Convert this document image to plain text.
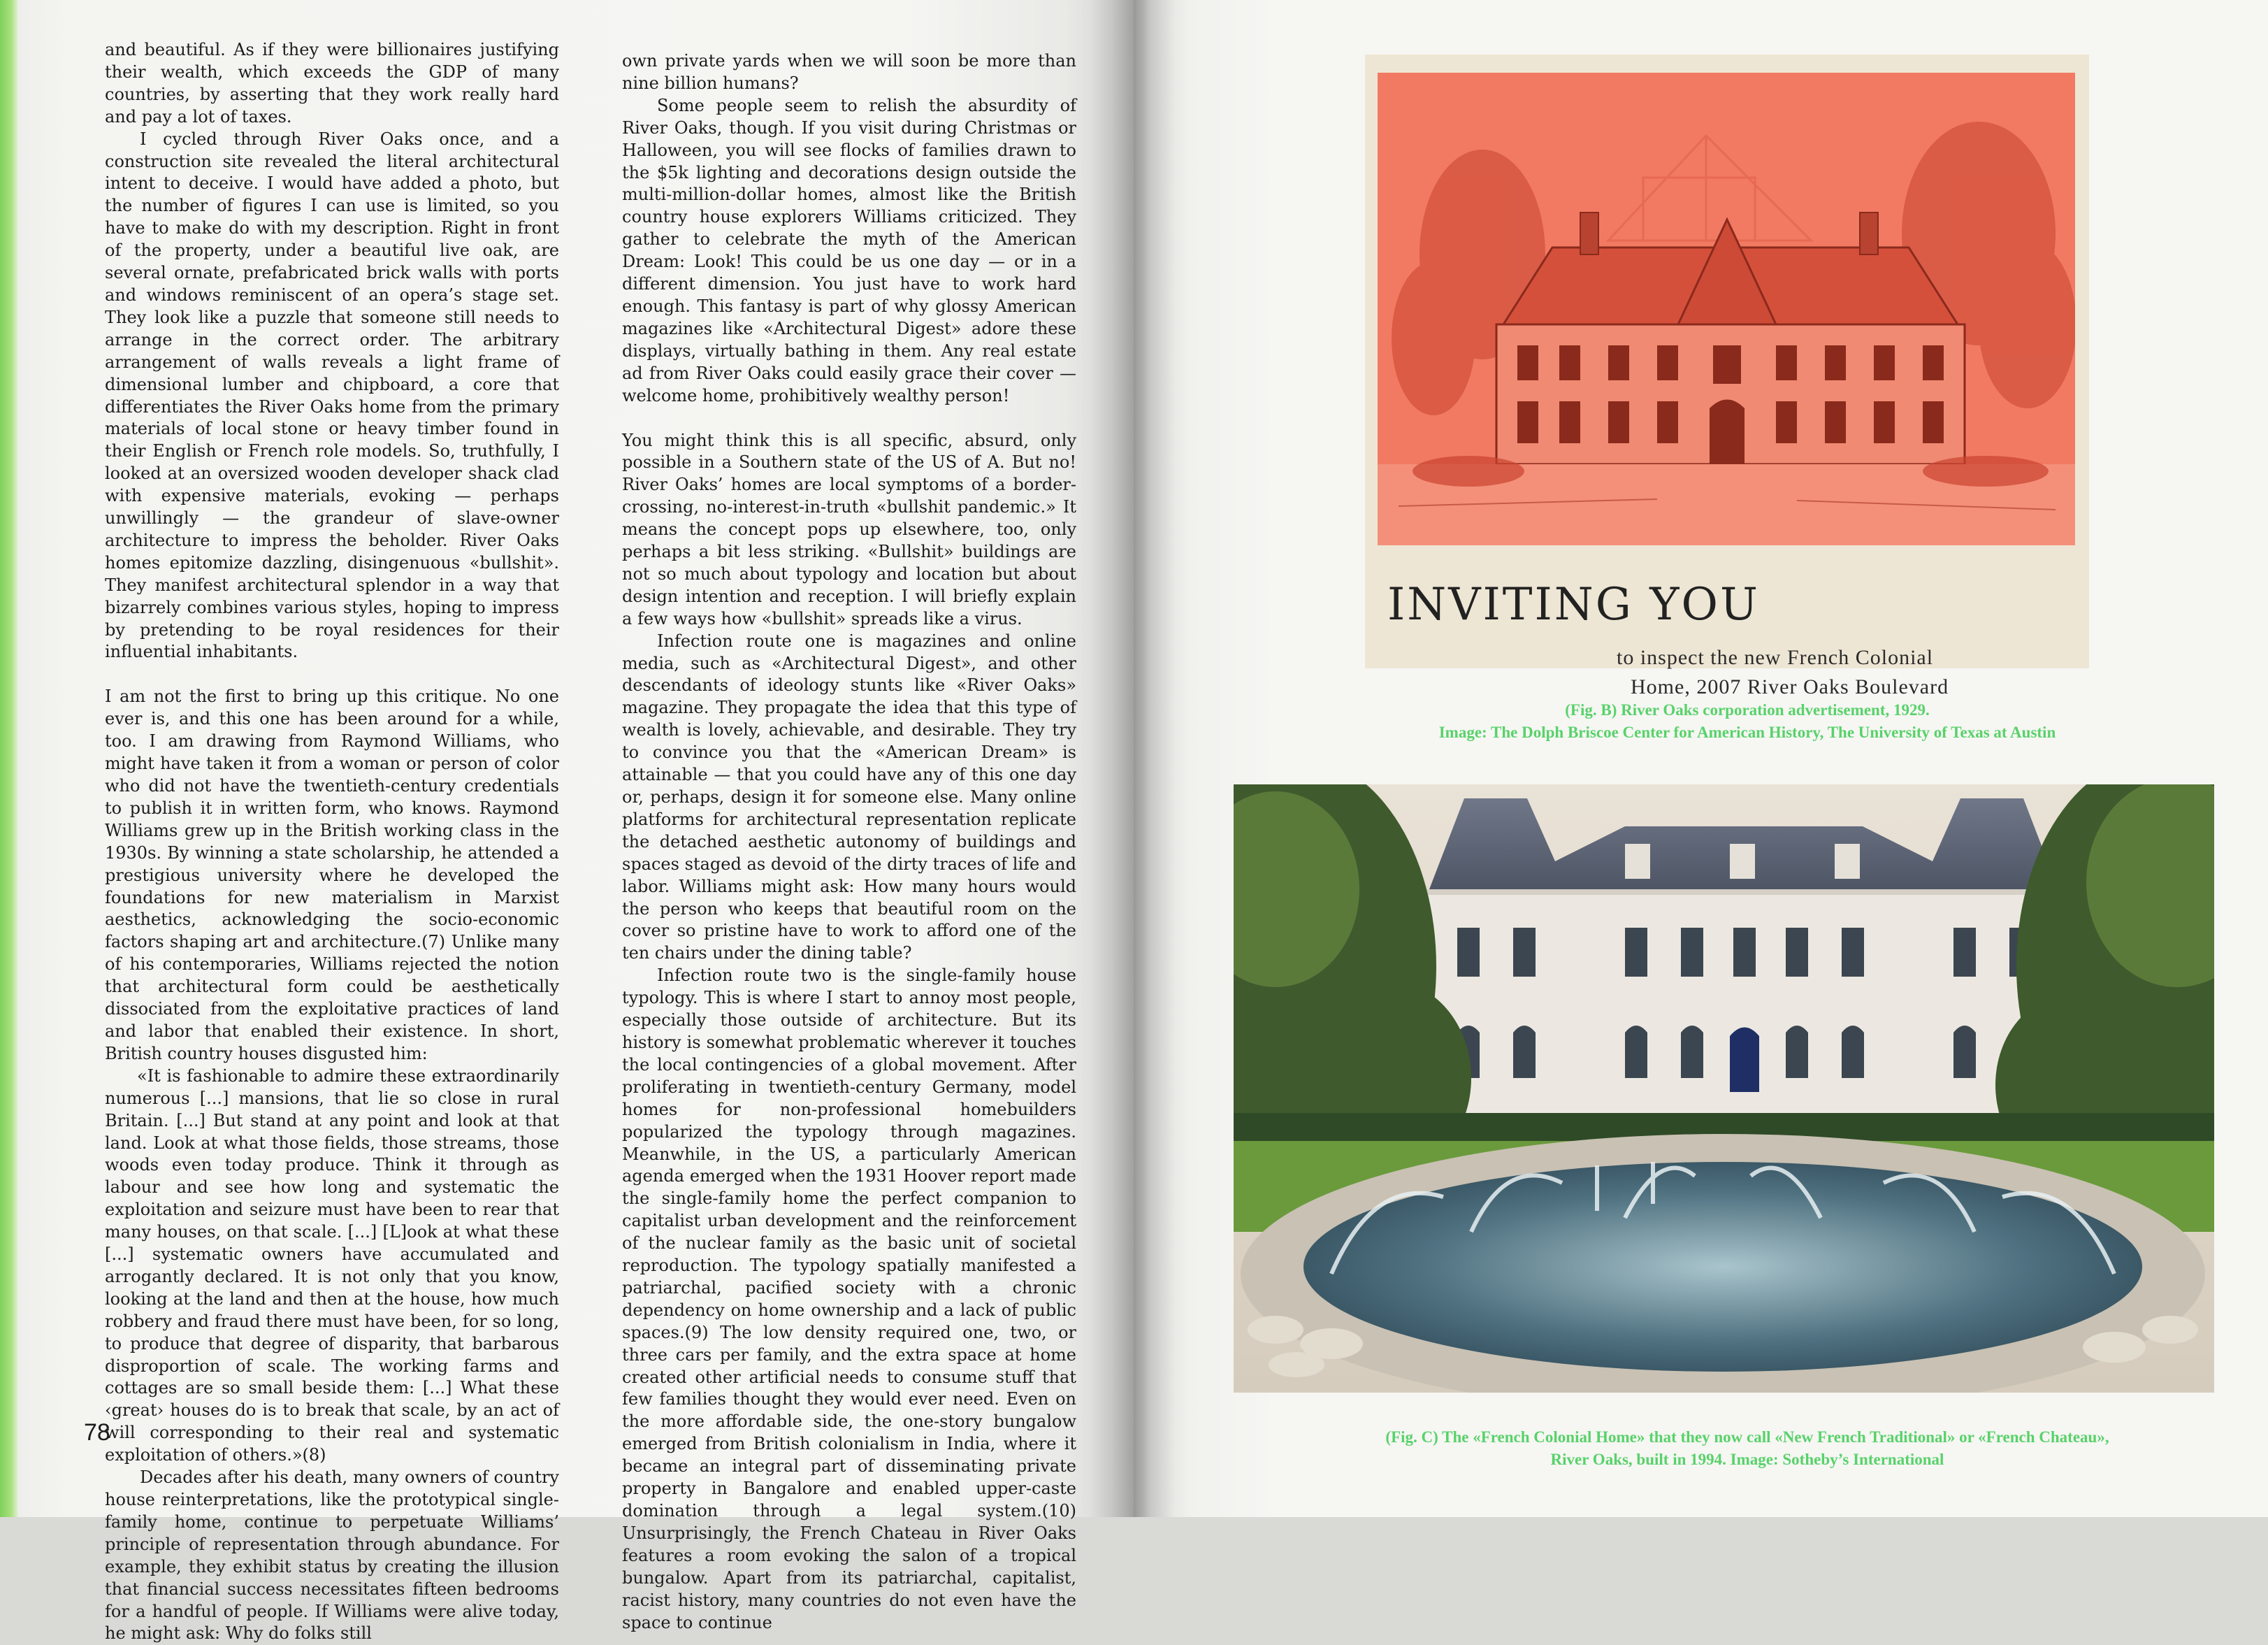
and beautiful. As if they were billionaires justifying their wealth, which exceeds the GDP of many countries, by asserting that they work really hard and pay a lot of taxes.

I cycled through River Oaks once, and a construction site revealed the literal architectural intent to deceive. I would have added a photo, but the number of figures I can use is limited, so you have to make do with my description. Right in front of the property, under a beautiful live oak, are several ornate, prefabricated brick walls with ports and windows reminiscent of an opera’s stage set. They look like a puzzle that someone still needs to arrange in the correct order. The arbitrary arrangement of walls reveals a light frame of dimensional lumber and chipboard, a core that differentiates the River Oaks home from the primary materials of local stone or heavy timber found in their English or French role models. So, truthfully, I looked at an oversized wooden developer shack clad with expensive materials, evoking — perhaps unwillingly — the grandeur of slave-owner architecture to impress the beholder. River Oaks homes epitomize dazzling, disingenuous «bullshit». They manifest architectural splendor in a way that bizarrely combines various styles, hoping to impress by pretending to be royal residences for their influential inhabitants.

I am not the first to bring up this critique. No one ever is, and this one has been around for a while, too. I am drawing from Raymond Williams, who might have taken it from a woman or person of color who did not have the twentieth-century credentials to publish it in written form, who knows. Raymond Williams grew up in the British working class in the 1930s. By winning a state scholarship, he attended a prestigious university where he developed the foundations for new materialism in Marxist aesthetics, acknowledging the socio-economic factors shaping art and architecture.(7) Unlike many of his contemporaries, Williams rejected the notion that architectural form could be aesthetically dissociated from the exploitative practices of land and labor that enabled their existence. In short, British country houses disgusted him:

«It is fashionable to admire these extraordinarily numerous [...] mansions, that lie so close in rural Britain. [...] But stand at any point and look at that land. Look at what those fields, those streams, those woods even today produce. Think it through as labour and see how long and systematic the exploitation and seizure must have been to rear that many houses, on that scale. [...] [L]ook at what these [...] systematic owners have accumulated and arrogantly declared. It is not only that you know, looking at the land and then at the house, how much robbery and fraud there must have been, for so long, to produce that degree of disparity, that barbarous disproportion of scale. The working farms and cottages are so small beside them: [...] What these ‹great› houses do is to break that scale, by an act of will corresponding to their real and systematic exploitation of others.»(8)

Decades after his death, many owners of country house reinterpretations, like the prototypical single-family home, continue to perpetuate Williams’ principle of representation through abundance. For example, they exhibit status by creating the illusion that financial success necessitates fifteen bedrooms for a handful of people. If Williams were alive today, he might ask: Why do folks still

own private yards when we will soon be more than nine billion humans?

Some people seem to relish the absurdity of River Oaks, though. If you visit during Christmas or Halloween, you will see flocks of families drawn to the $5k lighting and decorations design outside the multi-million-dollar homes, almost like the British country house explorers Williams criticized. They gather to celebrate the myth of the American Dream: Look! This could be us one day — or in a different dimension. You just have to work hard enough. This fantasy is part of why glossy American magazines like «Architectural Digest» adore these displays, virtually bathing in them. Any real estate ad from River Oaks could easily grace their cover — welcome home, prohibitively wealthy person!

You might think this is all specific, absurd, only possible in a Southern state of the US of A. But no! River Oaks’ homes are local symptoms of a border-crossing, no-interest-in-truth «bullshit pandemic.» It means the concept pops up elsewhere, too, only perhaps a bit less striking. «Bullshit» buildings are not so much about typology and location but about design intention and reception. I will briefly explain a few ways how «bullshit» spreads like a virus.

Infection route one is magazines and online media, such as «Architectural Digest», and other descendants of ideology stunts like «River Oaks» magazine. They propagate the idea that this type of wealth is lovely, achievable, and desirable. They try to convince you that the «American Dream» is attainable — that you could have any of this one day or, perhaps, design it for someone else. Many online platforms for architectural representation replicate the detached aesthetic autonomy of buildings and spaces staged as devoid of the dirty traces of life and labor. Williams might ask: How many hours would the person who keeps that beautiful room on the cover so pristine have to work to afford one of the ten chairs under the dining table?

Infection route two is the single-family house typology. This is where I start to annoy most people, especially those outside of architecture. But its history is somewhat problematic wherever it touches the local contingencies of a global movement. After proliferating in twentieth-century Germany, model homes for non-professional homebuilders popularized the typology through magazines. Meanwhile, in the US, a particularly American agenda emerged when the 1931 Hoover report made the single-family home the perfect companion to capitalist urban development and the reinforcement of the nuclear family as the basic unit of societal reproduction. The typology spatially manifested a patriarchal, pacified society with a chronic dependency on home ownership and a lack of public spaces.(9) The low density required one, two, or three cars per family, and the extra space at home created other artificial needs to consume stuff that few families thought they would ever need. Even on the more affordable side, the one-story bungalow emerged from British colonialism in India, where it became an integral part of disseminating private property in Bangalore and enabled upper-caste domination through a legal system.(10) Unsurprisingly, the French Chateau in River Oaks features a room evoking the salon of a tropical bungalow. Apart from its patriarchal, capitalist, racist history, many countries do not even have the space to continue

78
INVITING YOU
to inspect the new French Colonial
Home, 2007 River Oaks Boulevard
(Fig. B) River Oaks corporation advertisement, 1929.
Image: The Dolph Briscoe Center for American History, The University of Texas at Austin
(Fig. C) The «French Colonial Home» that they now call «New French Traditional» or «French Chateau»,
River Oaks, built in 1994. Image: Sotheby’s International
